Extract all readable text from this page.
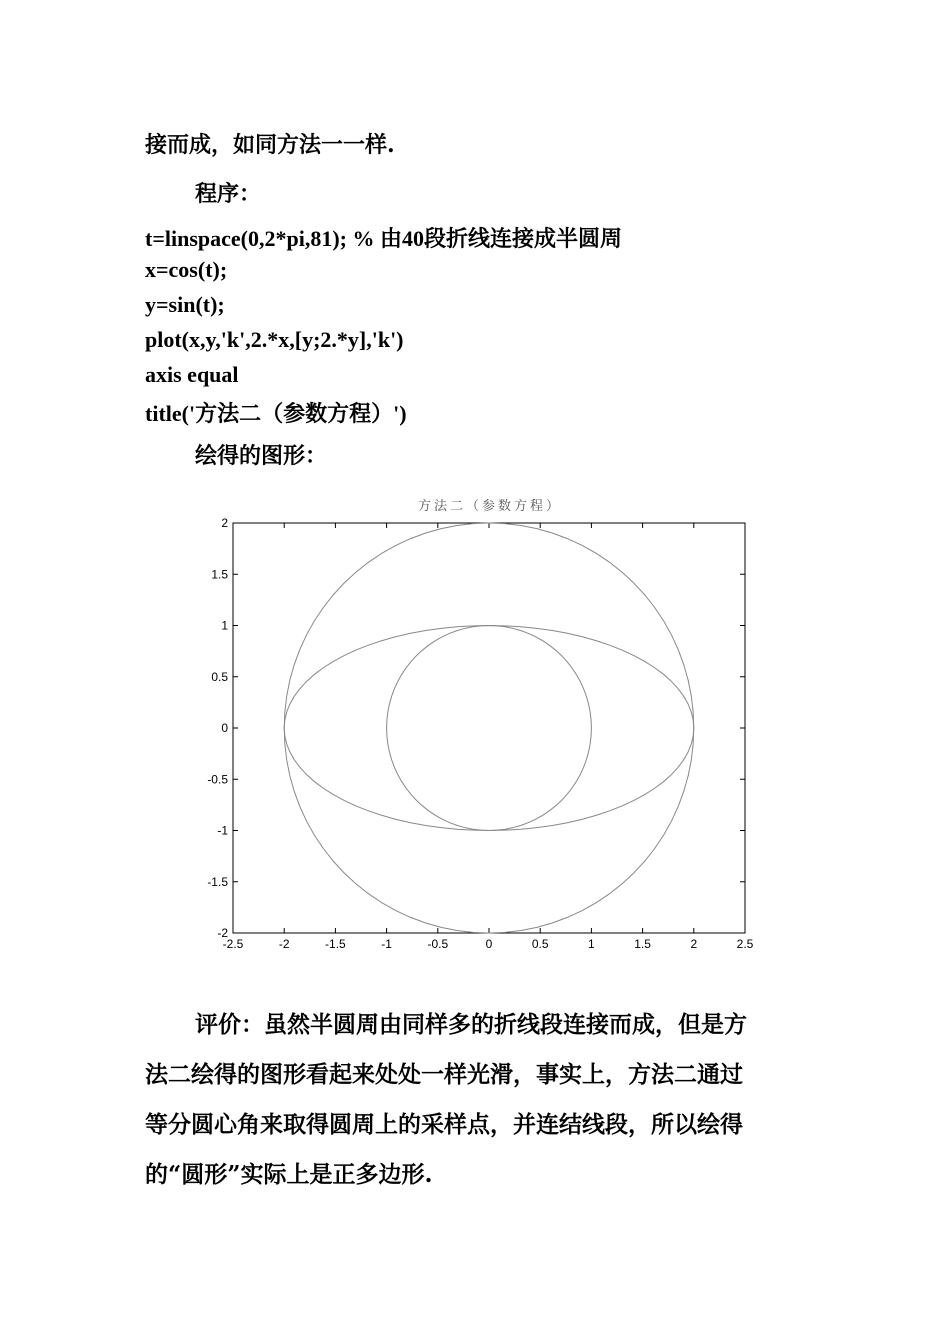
接而成，如同方法一一样.
程序：
t=linspace(0,2*pi,81); % 由40段折线连接成半圆周
x=cos(t);
y=sin(t);
plot(x,y,'k',2.*x,[y;2.*y],'k')
axis equal
title('方法二（参数方程）')
绘得的图形：
方法二（参数方程）
-2.5	-2	-1.5	-1	-0.5	0	0.5	1	1.5	2	2.5
2
1.5
1
0.5
0
-0.5
-1
-1.5
-2
评价：虽然半圆周由同样多的折线段连接而成，但是方
法二绘得的图形看起来处处一样光滑，事实上，方法二通过
等分圆心角来取得圆周上的采样点，并连结线段，所以绘得
的“圆形”实际上是正多边形.
